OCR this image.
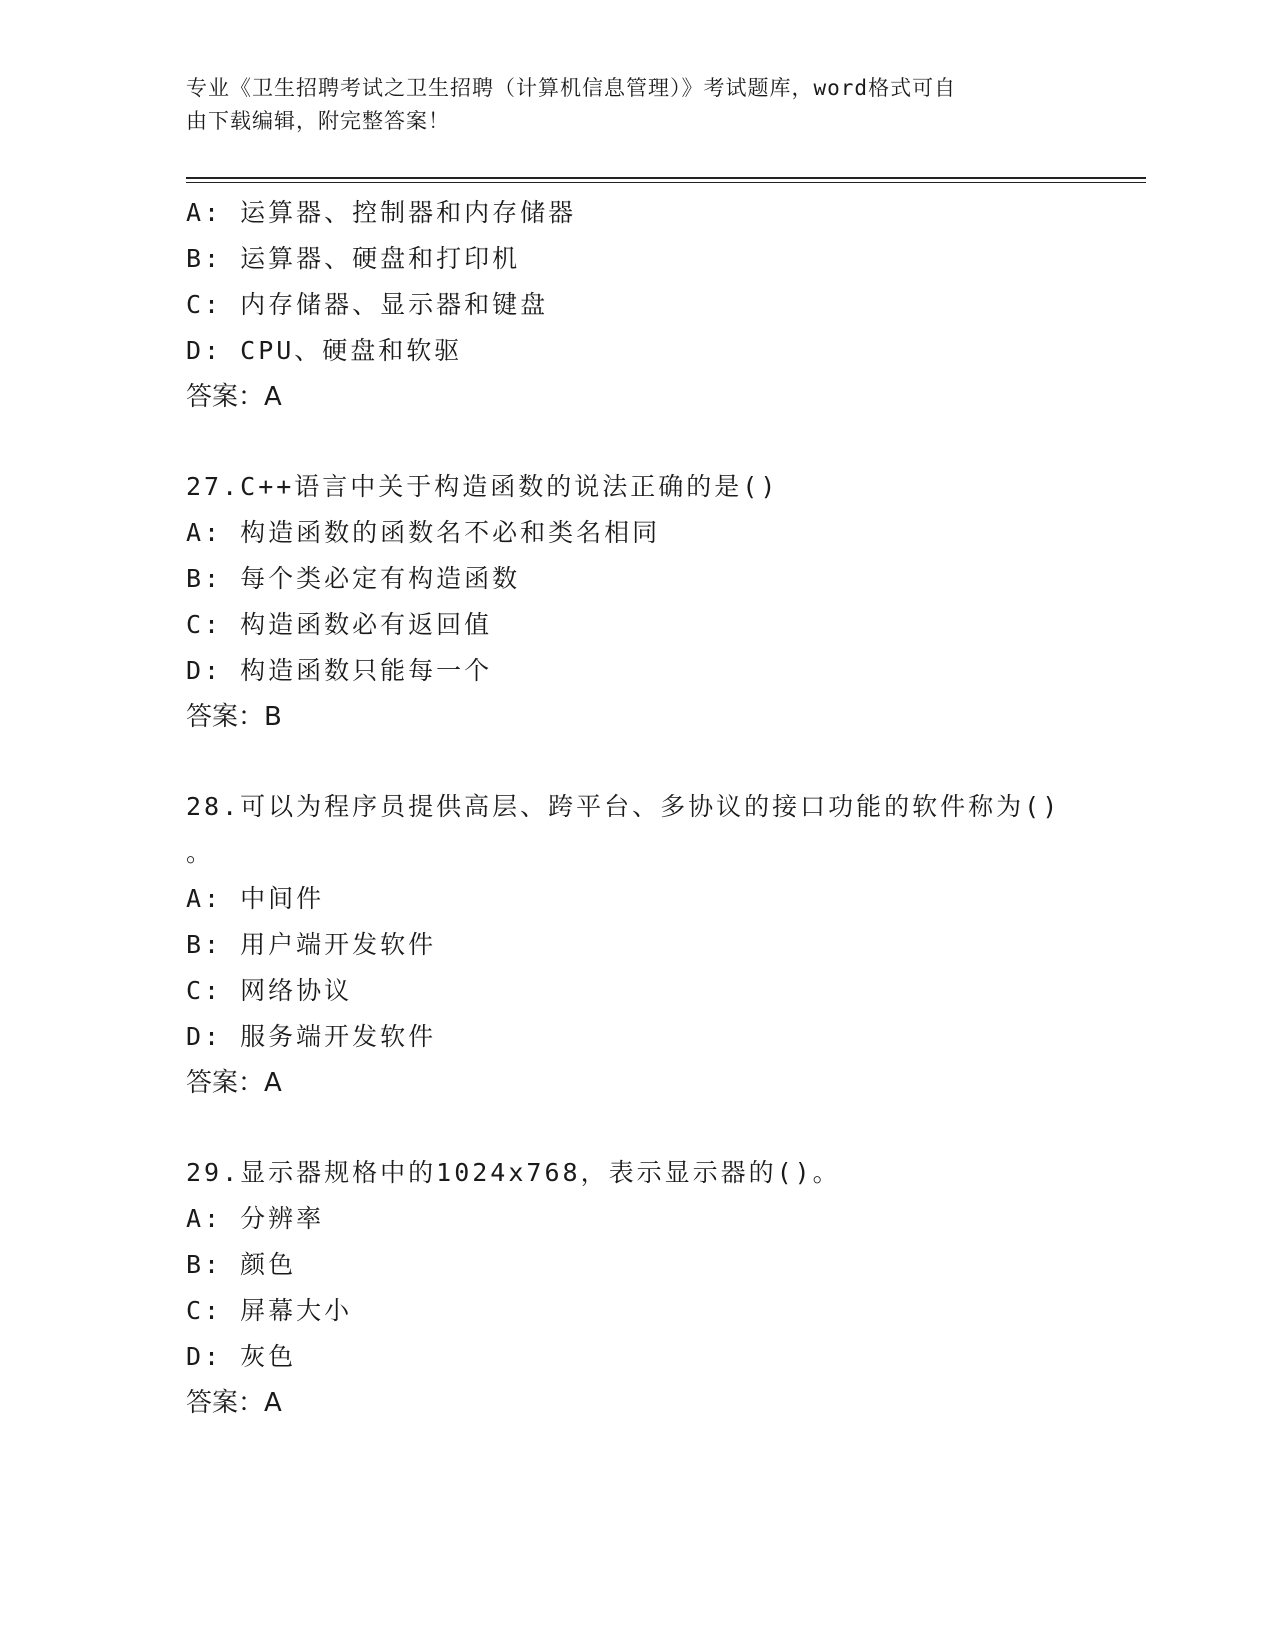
专业《卫生招聘考试之卫生招聘（计算机信息管理）》考试题库，word格式可自
由下载编辑，附完整答案！
A: 运算器、控制器和内存储器
B: 运算器、硬盘和打印机
C: 内存储器、显示器和键盘
D: CPU、硬盘和软驱
答案：A
27.C++语言中关于构造函数的说法正确的是()
A: 构造函数的函数名不必和类名相同
B: 每个类必定有构造函数
C: 构造函数必有返回值
D: 构造函数只能每一个
答案：B
28.可以为程序员提供高层、跨平台、多协议的接口功能的软件称为()
。
A: 中间件
B: 用户端开发软件
C: 网络协议
D: 服务端开发软件
答案：A
29.显示器规格中的1024x768，表示显示器的()。
A: 分辨率
B: 颜色
C: 屏幕大小
D: 灰色
答案：A
